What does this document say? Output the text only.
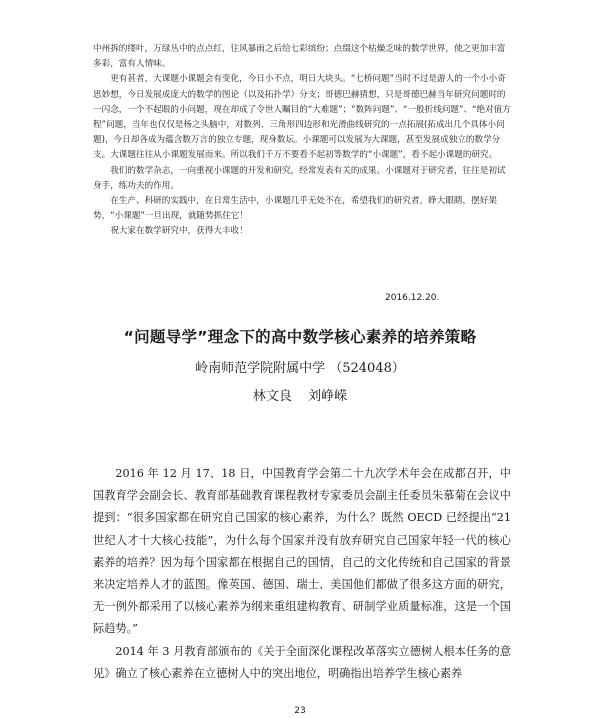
中州拆的缕叶，万绿丛中的点点红，往风暴雨之后给七彩缤纷；点缀这个枯燥乏味的数学世界，使之更加丰富多彩，富有人情味。

更有甚者，大课题小课题会有变化，今日小不点，明日大块头。“七桥问题”当时不过是游人的一个小小奇思妙想，今日发展成庞大的数学的图论（以及拓扑学）分支；哥德巴赫猜想，只是哥德巴赫当年研究问题时的一闪念，一个不起眼的小问题，现在却成了令世人瞩目的“大难题”；“数阵问题”、“一般折线问题”、“绝对值方程”问题，当年也仅仅是杨之头脑中，对数列、三角形四边形和光滑曲线研究的一点拓展(拓成出几个具体小问题)，今日却各成为蕴含数万言的独立专题，现身数坛。小课题可以发展为大课题，甚至发展成独立的数学分支。大课题往往从小课题发展而来。所以我们千万不要看不起初等数学的“小课题”，看不起小课题的研究。

我们的数学杂志，一向重视小课题的开发和研究，经常发表有关的成果。小课题对于研究者，往往是初试身手，练功夫的作用。

在生产、科研的实践中，在日常生活中，小课题几乎无处不在，希望我们的研究者，睁大眼睛，摆好架势，“小课题”一旦出现，就随势抓住它！

祝大家在数学研究中，获得大丰收！

2016.12.20.
“问题导学”理念下的高中数学核心素养的培养策略
岭南师范学院附属中学 （524048）
林文良 刘峥嵘

2016 年 12 月 17、18 日，中国教育学会第二十九次学术年会在成都召开，中国教育学会副会长、教育部基础教育课程教材专家委员会副主任委员朱慕菊在会议中提到：“很多国家都在研究自己国家的核心素养，为什么？既然 OECD 已经提出“21 世纪人才十大核心技能”，为什么每个国家并没有放弃研究自己国家年轻一代的核心素养的培养？因为每个国家都在根据自己的国情，自己的文化传统和自己国家的背景来决定培养人才的蓝图。像英国、德国、瑞士、美国他们都做了很多这方面的研究，无一例外都采用了以核心素养为纲来重组建构教育、研制学业质量标准，这是一个国际趋势。”

2014 年 3 月教育部颁布的《关于全面深化课程改革落实立德树人根本任务的意见》确立了核心素养在立德树人中的突出地位，明确指出培养学生核心素养

23
